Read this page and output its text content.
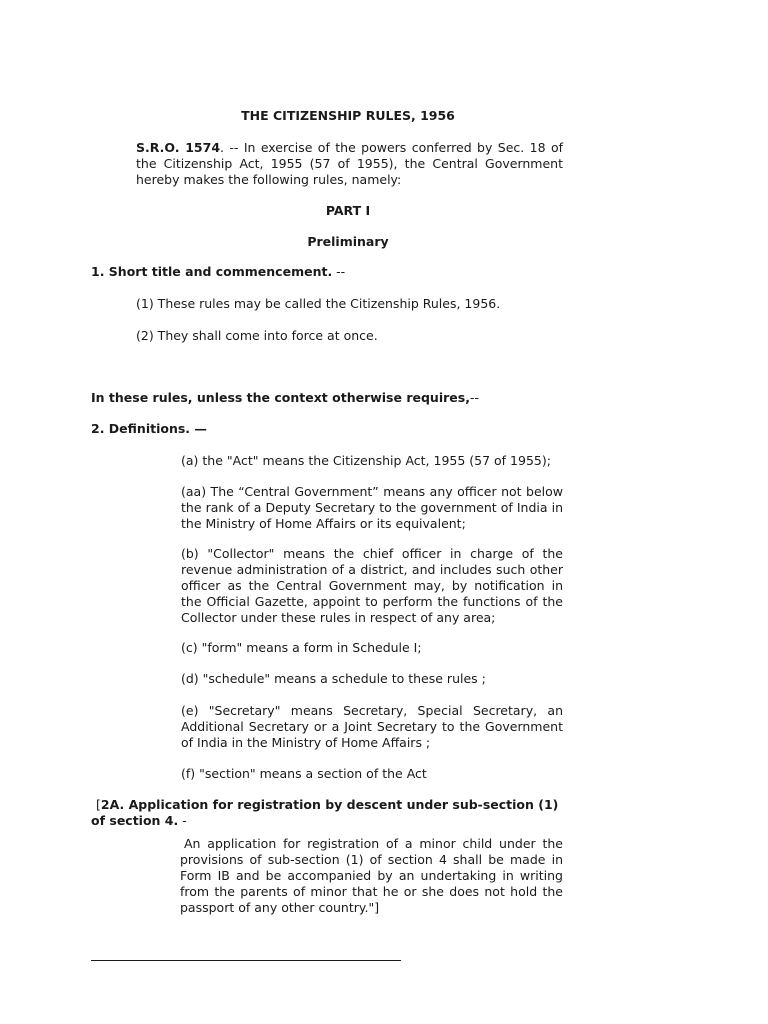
THE CITIZENSHIP RULES, 1956
S.R.O. 1574. -- In exercise of the powers conferred by Sec. 18 of the Citizenship Act, 1955 (57 of 1955), the Central Government hereby makes the following rules, namely:
PART I
Preliminary
1. Short title and commencement. --
(1) These rules may be called the Citizenship Rules, 1956.
(2) They shall come into force at once.
In these rules, unless the context otherwise requires,--
2. Definitions. —
(a) the "Act" means the Citizenship Act, 1955 (57 of 1955);
(aa) The “Central Government” means any officer not below the rank of a Deputy Secretary to the government of India in the Ministry of Home Affairs or its equivalent;
(b) "Collector" means the chief officer in charge of the revenue administration of a district, and includes such other officer as the Central Government may, by notification in the Official Gazette, appoint to perform the functions of the Collector under these rules in respect of any area;
(c) "form" means a form in Schedule I;
(d) "schedule" means a schedule to these rules ;
(e) "Secretary" means Secretary, Special Secretary, an Additional Secretary or a Joint Secretary to the Government of India in the Ministry of Home Affairs ;
(f) "section" means a section of the Act
[2A. Application for registration by descent under sub-section (1) of section 4. -
An application for registration of a minor child under the provisions of sub-section (1) of section 4 shall be made in Form IB and be accompanied by an undertaking in writing from the parents of minor that he or she does not hold the passport of any other country."]
